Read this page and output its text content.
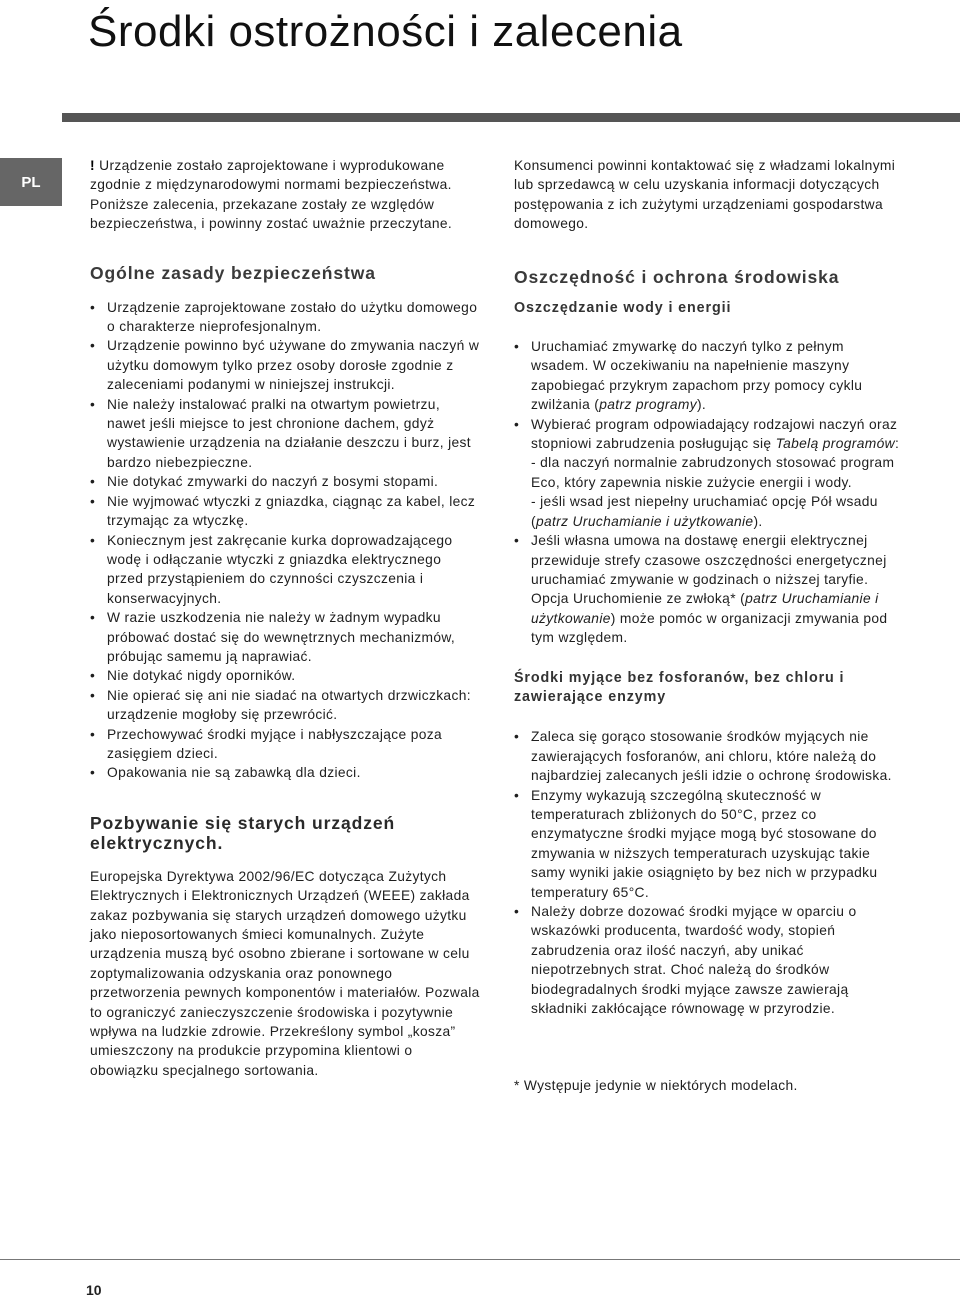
Środki ostrożności i zalecenia
PL

! Urządzenie zostało zaprojektowane i wyprodukowane zgodnie z międzynarodowymi normami bezpieczeństwa. Poniższe zalecenia, przekazane zostały ze względów bezpieczeństwa, i powinny zostać uważnie przeczytane.

Ogólne zasady bezpieczeństwa
• Urządzenie zaprojektowane zostało do użytku domowego o charakterze nieprofesjonalnym.
• Urządzenie powinno być używane do zmywania naczyń w użytku domowym tylko przez osoby dorosłe zgodnie z zaleceniami podanymi w niniejszej instrukcji.
• Nie należy instalować pralki na otwartym powietrzu, nawet jeśli miejsce to jest chronione dachem, gdyż wystawienie urządzenia na działanie deszczu i burz, jest bardzo niebezpieczne.
• Nie dotykać zmywarki do naczyń z bosymi stopami.
• Nie wyjmować wtyczki z gniazdka, ciągnąc za kabel, lecz trzymając za wtyczkę.
• Koniecznym jest zakręcanie kurka doprowadzającego wodę i odłączanie wtyczki z gniazdka elektrycznego przed przystąpieniem do czynności czyszczenia i konserwacyjnych.
• W razie uszkodzenia nie należy w żadnym wypadku próbować dostać się do wewnętrznych mechanizmów, próbując samemu ją naprawiać.
• Nie dotykać nigdy oporników.
• Nie opierać się ani nie siadać na otwartych drzwiczkach: urządzenie mogłoby się przewrócić.
• Przechowywać środki myjące i nabłyszczające poza zasięgiem dzieci.
• Opakowania nie są zabawką dla dzieci.
Pozbywanie się starych urządzeń elektrycznych.

Europejska Dyrektywa 2002/96/EC dotycząca Zużytych Elektrycznych i Elektronicznych Urządzeń (WEEE) zakłada zakaz pozbywania się starych urządzeń domowego użytku jako nieposortowanych śmieci komunalnych. Zużyte urządzenia muszą być osobno zbierane i sortowane w celu zoptymalizowania odzyskania oraz ponownego przetworzenia pewnych komponentów i materiałów. Pozwala to ograniczyć zanieczyszczenie środowiska i pozytywnie wpływa na ludzkie zdrowie. Przekreślony symbol „kosza” umieszczony na produkcie przypomina klientowi o obowiązku specjalnego sortowania.

Konsumenci powinni kontaktować się z władzami lokalnymi lub sprzedawcą w celu uzyskania informacji dotyczących postępowania z ich zużytymi urządzeniami gospodarstwa domowego.

Oszczędność i ochrona środowiska
Oszczędzanie wody i energii
• Uruchamiać zmywarkę do naczyń tylko z pełnym wsadem. W oczekiwaniu na napełnienie maszyny zapobiegać przykrym zapachom przy pomocy cyklu zwilżania (patrz programy).
• Wybierać program odpowiadający rodzajowi naczyń oraz stopniowi zabrudzenia posługując się Tabelą programów:
- dla naczyń normalnie zabrudzonych stosować program Eco, który zapewnia niskie zużycie energii i wody.
- jeśli wsad jest niepełny uruchamiać opcję Pół wsadu (patrz Uruchamianie i użytkowanie).
• Jeśli własna umowa na dostawę energii elektrycznej przewiduje strefy czasowe oszczędności energetycznej uruchamiać zmywanie w godzinach o niższej taryfie. Opcja Uruchomienie ze zwłoką* (patrz Uruchamianie i użytkowanie) może pomóc w organizacji zmywania pod tym względem.
Środki myjące bez fosforanów, bez chloru i zawierające enzymy
• Zaleca się gorąco stosowanie środków myjących nie zawierających fosforanów, ani chloru, które należą do najbardziej zalecanych jeśli idzie o ochronę środowiska.
• Enzymy wykazują szczególną skuteczność w temperaturach zbliżonych do 50°C, przez co enzymatyczne środki myjące mogą być stosowane do zmywania w niższych temperaturach uzyskując takie samy wyniki jakie osiągnięto by bez nich w przypadku temperatury 65°C.
• Należy dobrze dozować środki myjące w oparciu o wskazówki producenta, twardość wody, stopień zabrudzenia oraz ilość naczyń, aby unikać niepotrzebnych strat. Choć należą do środków biodegradalnych środki myjące zawsze zawierają składniki zakłócające równowagę w przyrodzie.

* Występuje jedynie w niektórych modelach.

10
